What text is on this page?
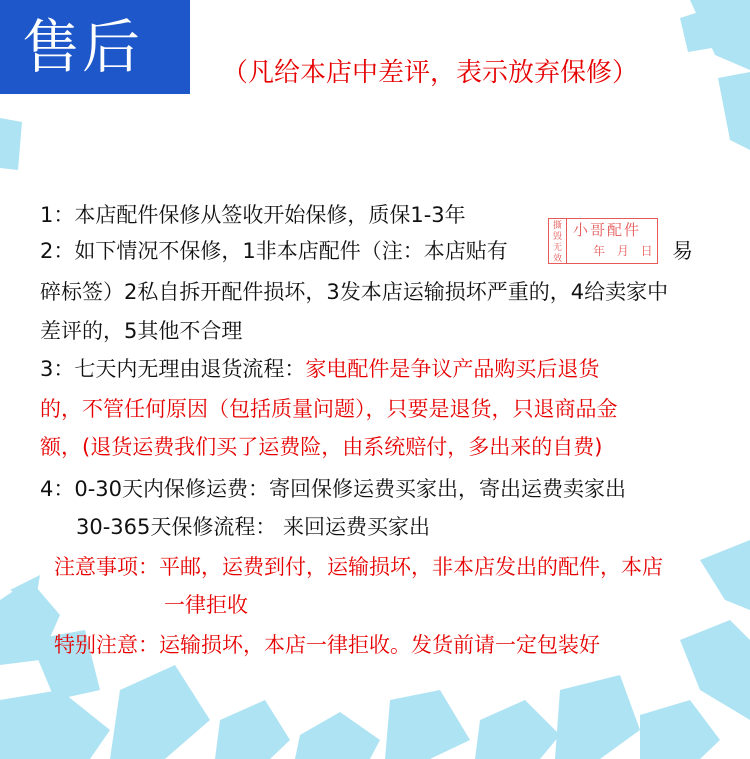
售后	（凡给本店中差评，表示放弃保修）
1：本店配件保修从签收开始保修，质保1-3年
2：如下情况不保修，1非本店配件（注：本店贴有
撕毁无效
小哥配件
年 月 日 易
碎标签）2私自拆开配件损坏，3发本店运输损坏严重的，4给卖家中
差评的，5其他不合理
3：七天内无理由退货流程：家电配件是争议产品购买后退货
的，不管任何原因（包括质量问题），只要是退货，只退商品金
额，(退货运费我们买了运费险，由系统赔付，多出来的自费)
4：0-30天内保修运费：寄回保修运费买家出，寄出运费卖家出
30-365天保修流程： 来回运费买家出
注意事项：平邮，运费到付，运输损坏，非本店发出的配件，本店
一律拒收
特别注意：运输损坏，本店一律拒收。发货前请一定包装好
